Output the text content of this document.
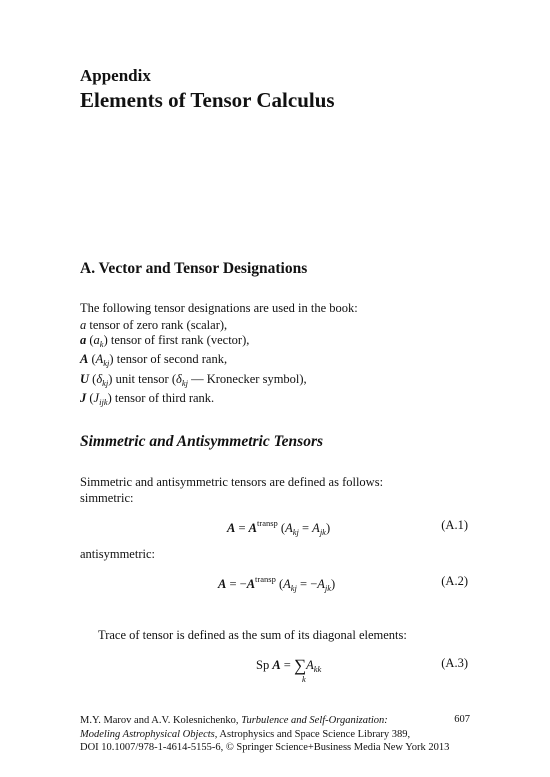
Appendix
Elements of Tensor Calculus
A. Vector and Tensor Designations
The following tensor designations are used in the book:
a tensor of zero rank (scalar),
a $(a_k)$ tensor of first rank (vector),
A $(A_{kj})$ tensor of second rank,
U $(\delta_{kj})$ unit tensor ($\delta_{kj}$ — Kronecker symbol),
J $(J_{ijk})$ tensor of third rank.
Simmetric and Antisymmetric Tensors
Simmetric and antisymmetric tensors are defined as follows:
simmetric:
$A = A^{transp}$ $(A_{kj} = A_{jk})$	(A.1)
antisymmetric:
$A = -A^{transp}$ $(A_{kj} = -A_{jk})$	(A.2)
Trace of tensor is defined as the sum of its diagonal elements:
Sp $A = \sum A_{kk}$
k
(A.3)
M.Y. Marov and A.V. Kolesnichenko, Turbulence and Self-Organization:
Modeling Astrophysical Objects, Astrophysics and Space Science Library 389,
DOI 10.1007/978-1-4614-5155-6, © Springer Science+Business Media New York 2013
607
